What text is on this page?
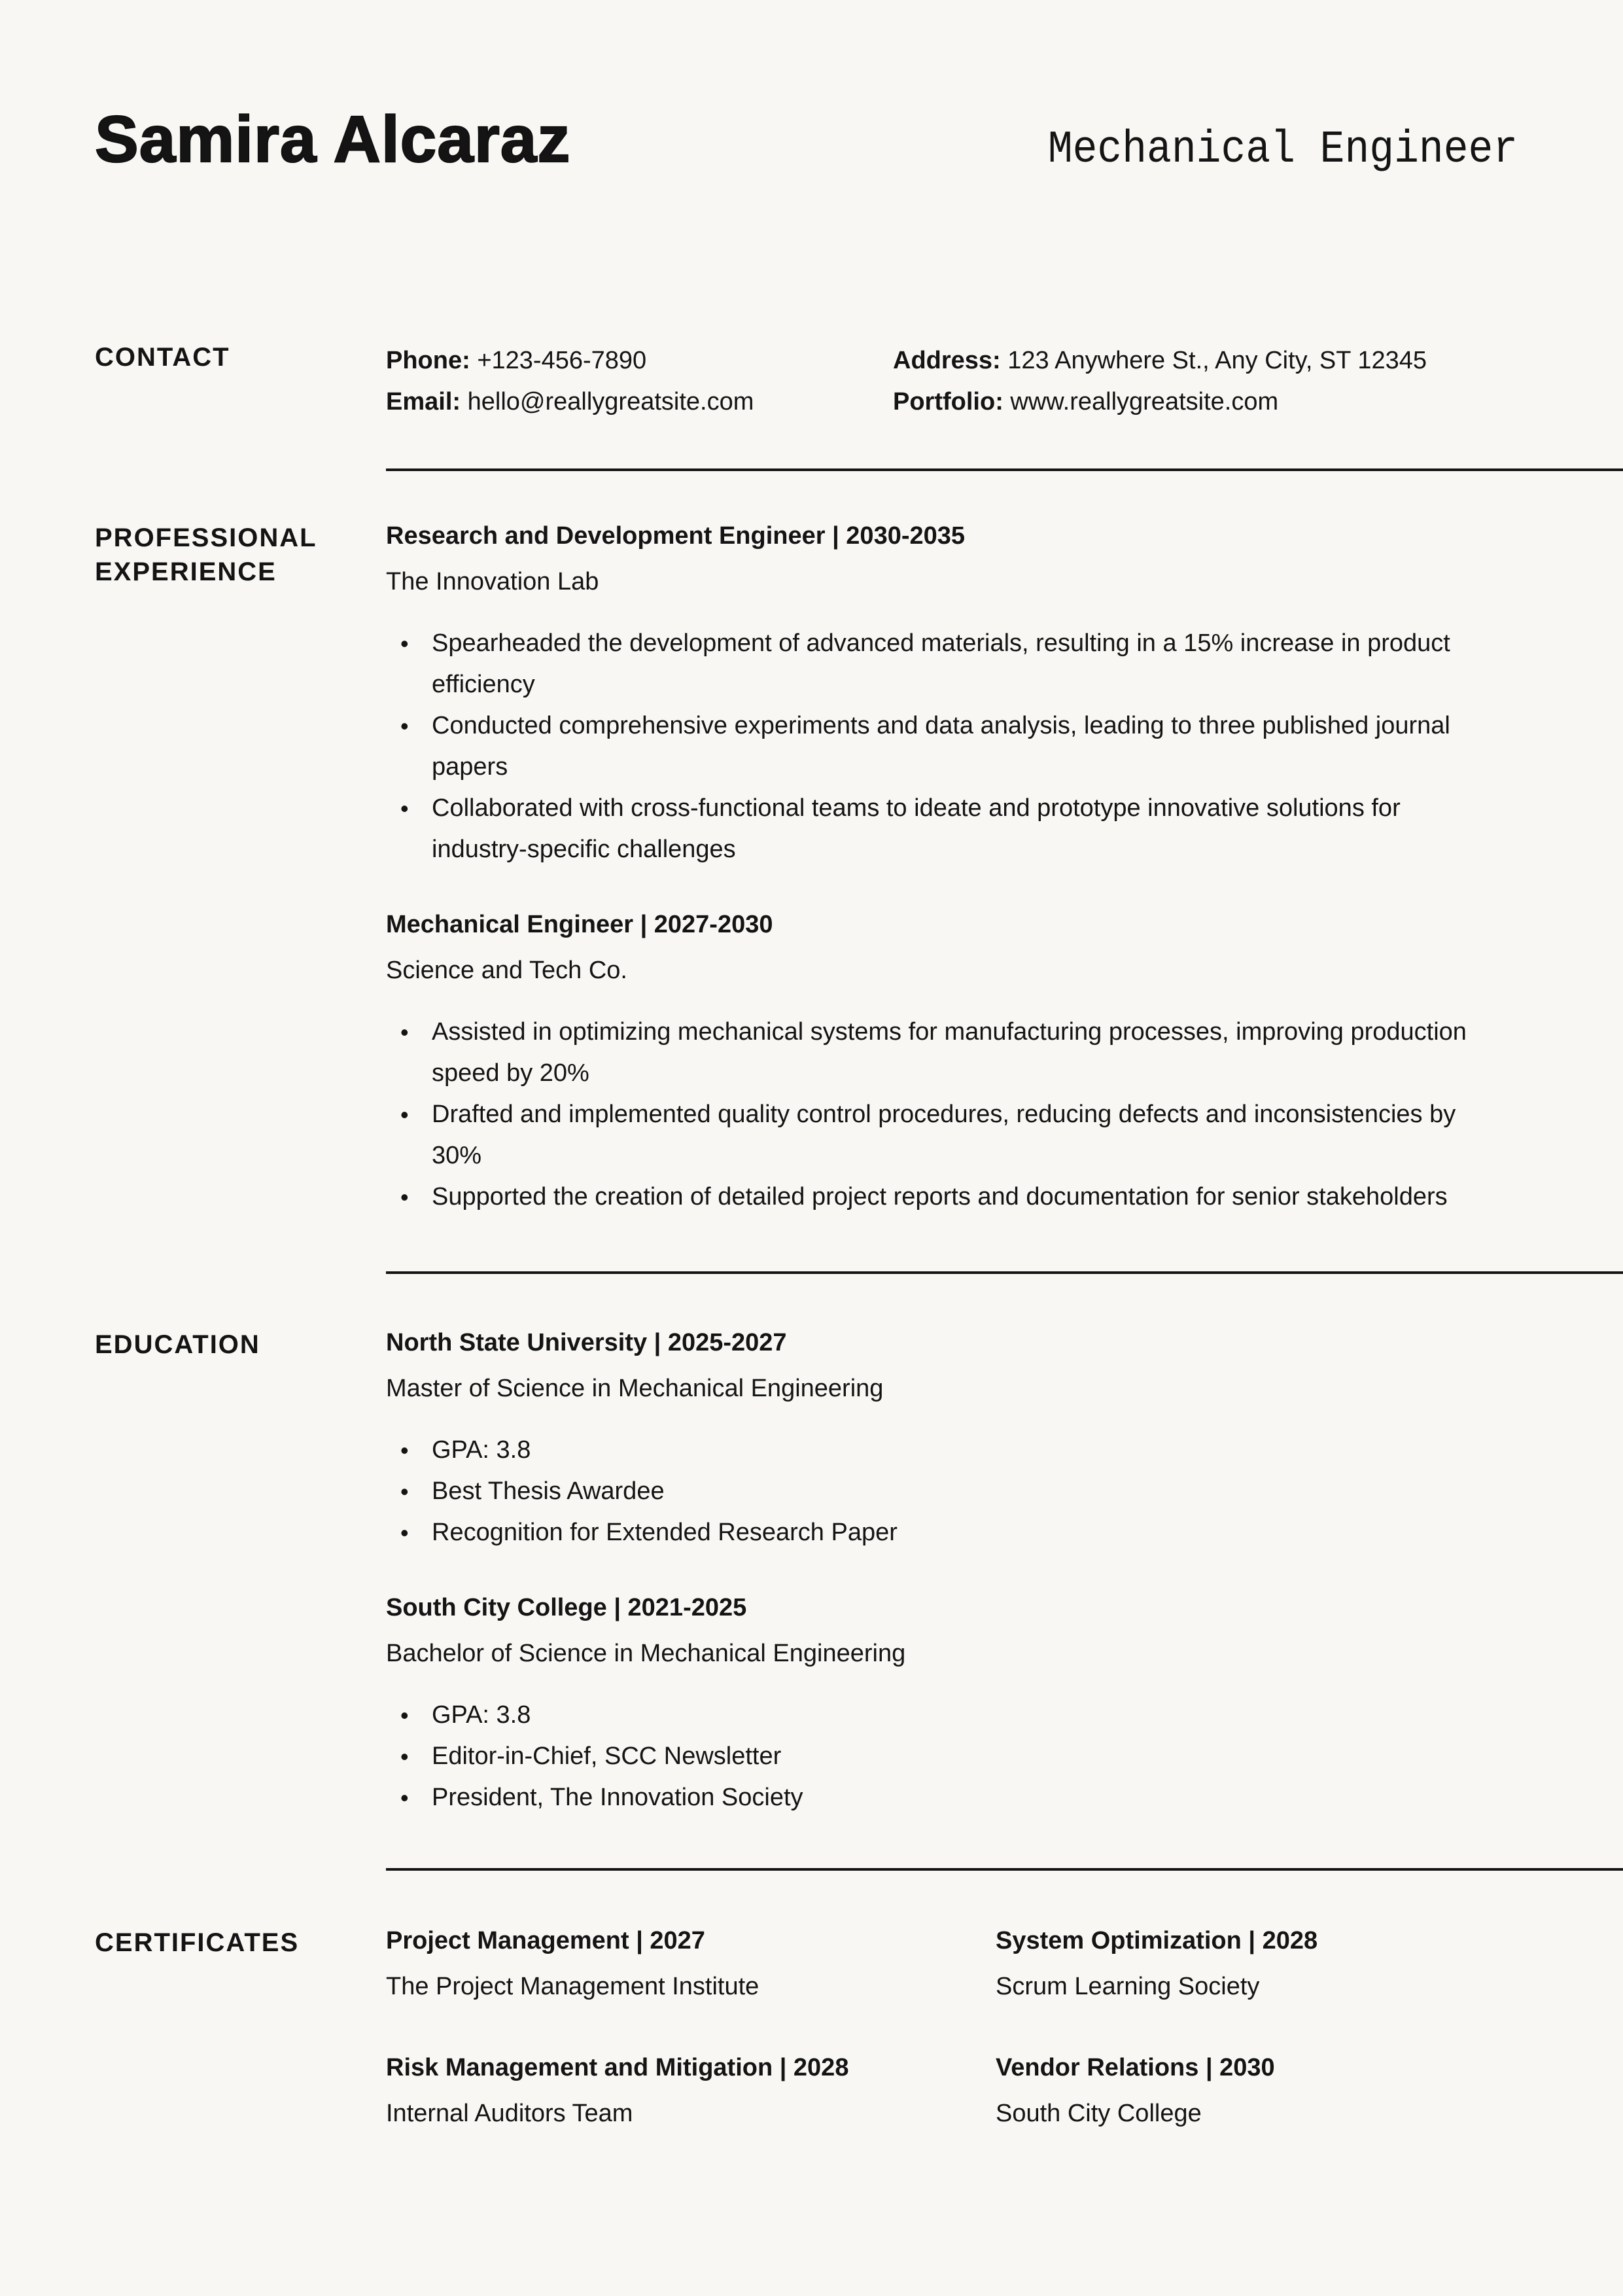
Samira Alcaraz	Mechanical Engineer
CONTACT	Phone: +123-456-7890	Address: 123 Anywhere St., Any City, ST 12345
Email: hello@reallygreatsite.com	Portfolio: www.reallygreatsite.com
PROFESSIONAL
EXPERIENCE
Research and Development Engineer | 2030-2035
The Innovation Lab
• Spearheaded the development of advanced materials, resulting in a 15% increase in product efficiency
• Conducted comprehensive experiments and data analysis, leading to three published journal papers
• Collaborated with cross-functional teams to ideate and prototype innovative solutions for industry-specific challenges
Mechanical Engineer | 2027-2030
Science and Tech Co.
• Assisted in optimizing mechanical systems for manufacturing processes, improving production speed by 20%
• Drafted and implemented quality control procedures, reducing defects and inconsistencies by 30%
• Supported the creation of detailed project reports and documentation for senior stakeholders
EDUCATION	North State University | 2025-2027
Master of Science in Mechanical Engineering
• GPA: 3.8
• Best Thesis Awardee
• Recognition for Extended Research Paper
South City College | 2021-2025
Bachelor of Science in Mechanical Engineering
• GPA: 3.8
• Editor-in-Chief, SCC Newsletter
• President, The Innovation Society
CERTIFICATES	Project Management | 2027
The Project Management Institute
System Optimization | 2028
Scrum Learning Society
Risk Management and Mitigation | 2028
Internal Auditors Team
Vendor Relations | 2030
South City College
